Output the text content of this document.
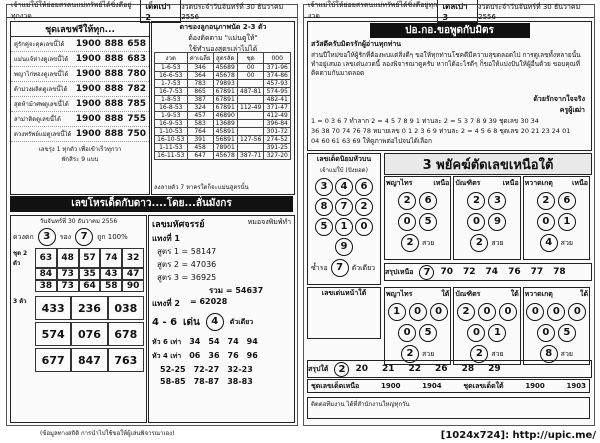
เจ้าแม่ใบ้ให้ย่อยสรตนแม่ทรัพย์ได้ซิ่งดีอยู่ทุกงวด
เด็ดเปา 2
งวดประจำวันจันทร์ที่ 30 ธันวาคม 2556
ชุดเลขฟรีให้ทุก...
คู่รักคู่จะดุคเลขนี้ได้	1900 888 658
แม่นแจ้ห่างดูเลขนี้ได้ 1900 888 683
พญาไก่ทองดูเลขนี้ได้ 1900 888 780
ด้าม่วงผลิตดูเลขนี้ได้ 1900 888 782
สุดห้าม้าศพดูเลขนี้ได้ 1900 888 785
สาม่าติดดูเลขนี้ได้	1900 888 755
ดวงทรัพย์แม่ดูเลขนี้ได้ 1900 888 750
เลขรุ่ง 1 ทุกตัว เพื่อเข้าเร็วทุกวา
พักสิระ 9 แบบ
ตาของลูกอนุภาพนัด 2-3 ตัว
ต้องติดตาม "แม่นดูให้"
ใช้ทำนองสูตรเล่าไม่ได้
งวด	ค่าเฉลี่ย	สูตรลัด	ชุด	000
1-6-53	346	45689	00	371-96
16-6-53	364	45678	00	374-86
1-7-53	783	79893		457-93
16-7-53	865	67891	487-81	574-95
1-8-53	387	67891		482-41
16-8-53	324	67891	112-49	371-47
1-9-53	457	46890		412-49
16-9-53	583	13689		396-84
1-10-53	764	45891		301-72
16-10-53	391	56891	127-56	274-52
1-11-53	458	78901		391-25
16-11-53	647	45678	387-71	327-20
ลงลายตัว 7 หาครใดก็จะแม่นสูตรนั้น
เลขโหรเด็ดกับดาว....โดย...ลั่นมังกร
วันจันทร์ที่ 30 ธันวาคม 2556
ดวงตก 3	รอง 7	ถูก 100%
ชุด 2 ตัว
63	48	57	74	32
84	73	35	43	47
38	73	64	58	90
3 ตัว	433	236	038
574	076	678
677	847	763
เลขมหัศจรรย์	หมอจงพิมพ์ทำ
แทงที่ 1
สูตร 1 = 58147
สูตร 2 = 47036
สูตร 3 = 36925
รวม = 54637
แทงที่ 2 = 62028
4 - 6 เด่น	4	ตัวเดียว
หัว 6 เท่า 34 54 74 94
หัว 4 เท่า 06 36 76 96
52-25 72-27 32-23
58-85 78-87 38-83
เจ้าแม่ใบ้ให้ย่อยสรตนแม่ทรัพย์ได้ซิ่งดีอยู่ทุกงวด
เดลเปา 3
งวดประจำวันจันทร์ที่ 30 ธันวาคม 2556
ปอ.กอ.ขอพูดกับมิตร
สวัสดีครับมิตรรักผู้อ่านทุกท่าน
ส่วนปีใหม่ขอให้ผู้รักที่ต้องพบแต่สิ่งดีๆ ขอให้ทุกท่านโชคดีมีความสุขตลอดไป การดูเลขทั้งหลายนั้นทำอยู่เสมอ เลขเด่นงวดนี้ ลองพิจารณาดูครับ หากได้อะไรดีๆ ก็ขอให้แบ่งปันให้ผู้อื่นด้วย ขอบคุณที่ติดตามกันมาตลอด
1 = 0 3 6 7 ทำลาก 2 = 4 5 7 8 9 1 ท่านละ 2 = 5 3 7 8 9 39 ชุดเลข 30 34
36 38 70 74 76 78 หมายเลข 0 1 2 3 6 9 ท่านละ 2 = 4 5 6 8 ชุดเลข 20 21 23 24 01
04 60 61 63 69 ให้ดูภาพต่อไปจนได้เลือก
ด้วยรักจากใจจริง
ครูผู้เฒ่า
เลขเด็ดนิยมหัวบน
เจ้าแม่ใบ้ (ปังยอด)
3	4	6
8	7	2
5	1	0
9
ซ้ำรอ 7	ตัวเดียว
3 พยัคฆ์ตัดเลขเหนือใต้
พญาไทร	เหนือ
2	6
0	5
2	สวย
บัณฑิตร	เหนือ
2	3
0	9
2	สวย
หวาดเกตุ	เหนือ
2	6
0	1
4	สวย
สรุปเหนือ	7	70 72 74 76 77 78
เลขเด่นหน้าใต้	พญาไทร	ใต้
1	0	0
0	5
2	สวย
บัณฑิตร	ใต้
2	0	0
0	1
2	สวย
หวาดเกตุ	ใต้
0	0	0
0	5
8	สวย
สรุปใต้	2	20 21 22 26 28 29
ชุดเลขเด็ดเหนือ	1900	1904	ชุดเลขเด็ดใต้	1900	1903
ติดต่อทีมงาน ได้ที่สำนักงานใหญ่ทุกวัน
(ข้อมูลทางสถิติ การนำไปใช้ขอให้ผู้เล่นพิจารณาเอง)	[1024x724]: http://upic.me/
